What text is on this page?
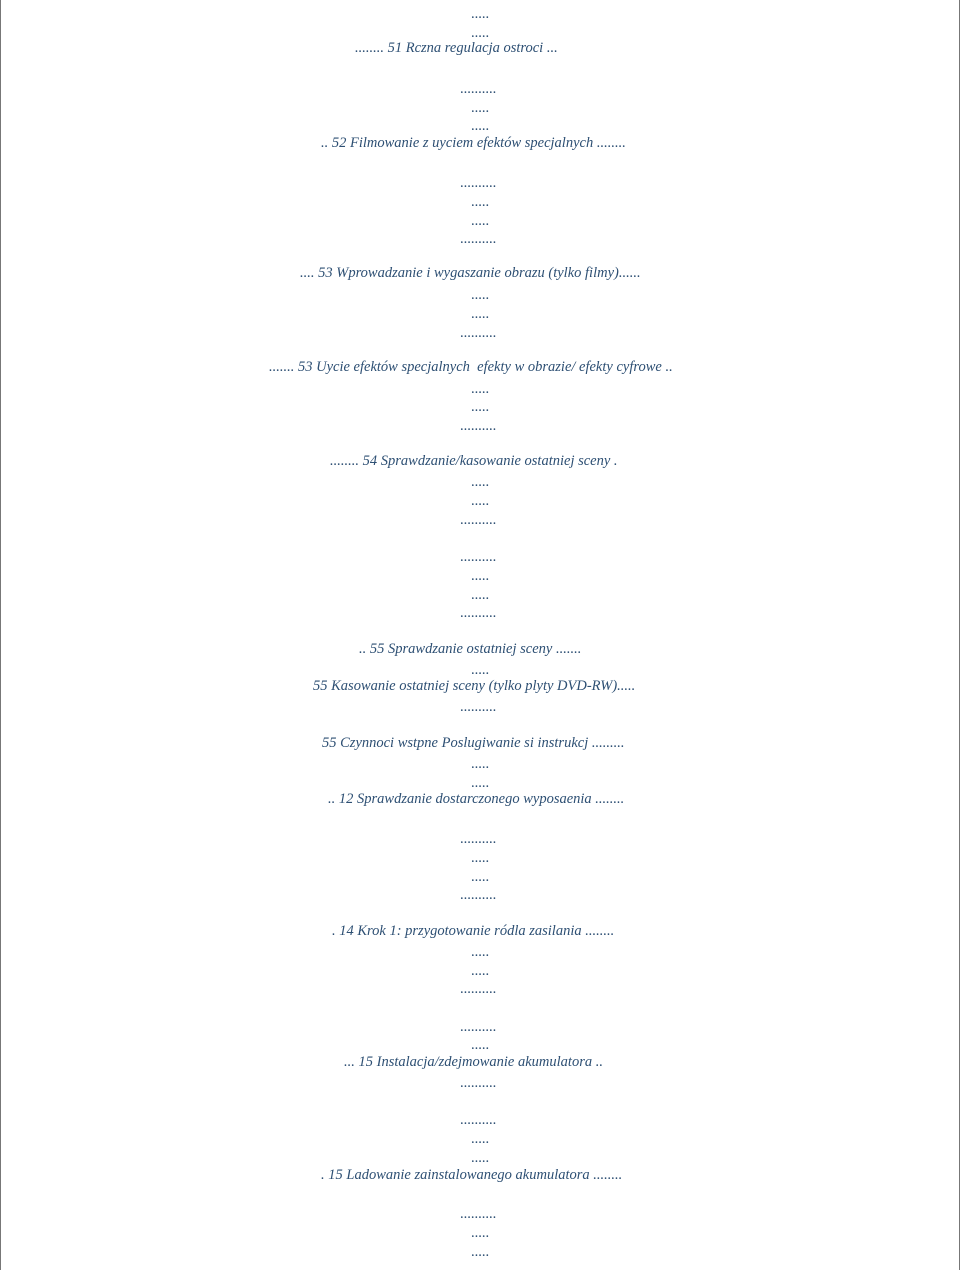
.....
.....
........ 51 Rczna regulacja ostroci ...
..........
.....
.....
.. 52 Filmowanie z uyciem efektów specjalnych ........
..........
.....
.....
..........
.... 53 Wprowadzanie i wygaszanie obrazu (tylko filmy)......
.....
.....
..........
....... 53 Uycie efektów specjalnych  efekty w obrazie/ efekty cyfrowe ..
.....
.....
..........
........ 54 Sprawdzanie/kasowanie ostatniej sceny .
.....
.....
..........
..........
.....
.....
..........
.. 55 Sprawdzanie ostatniej sceny .......
.....
55 Kasowanie ostatniej sceny (tylko plyty DVD-RW).....
..........
55 Czynnoci wstpne Poslugiwanie si instrukcj .........
.....
.....
.. 12 Sprawdzanie dostarczonego wyposaenia ........
..........
.....
.....
..........
. 14 Krok 1: przygotowanie ródla zasilania ........
.....
.....
..........
..........
.....
... 15 Instalacja/zdejmowanie akumulatora ..
..........
..........
.....
.....
. 15 Ladowanie zainstalowanego akumulatora ........
..........
.....
.....
